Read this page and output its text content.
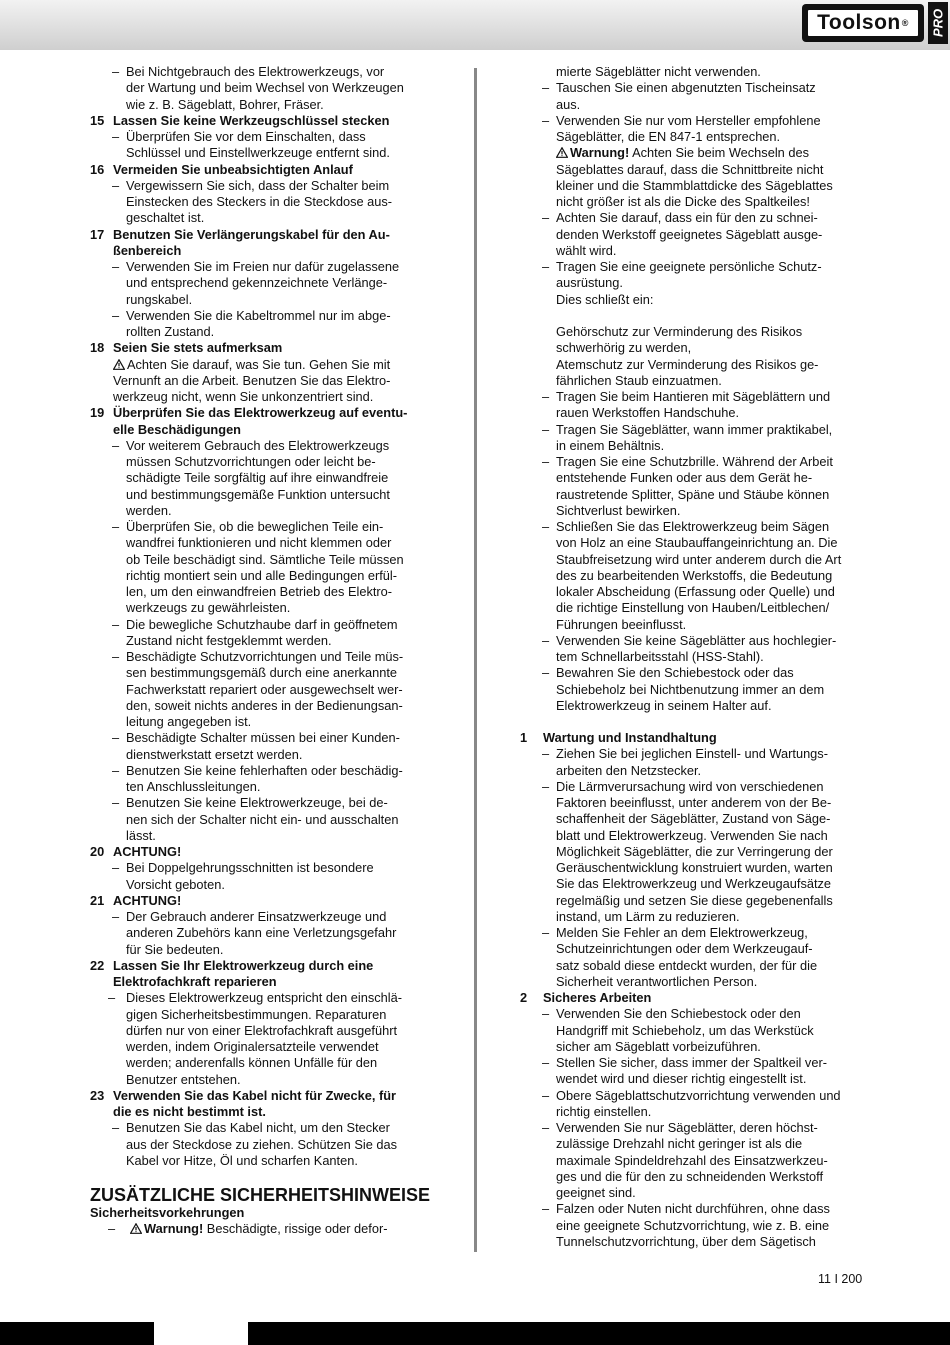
Toolson ® PRO
– Bei Nichtgebrauch des Elektrowerkzeugs, vor
der Wartung und beim Wechsel von Werkzeugen
wie z. B. Sägeblatt, Bohrer, Fräser.
15 Lassen Sie keine Werkzeugschlüssel stecken
– Überprüfen Sie vor dem Einschalten, dass
Schlüssel und Einstellwerkzeuge entfernt sind.
16 Vermeiden Sie unbeabsichtigten Anlauf
– Vergewissern Sie sich, dass der Schalter beim
Einstecken des Steckers in die Steckdose aus-
geschaltet ist.
17 Benutzen Sie Verlängerungskabel für den Au-
ßenbereich
– Verwenden Sie im Freien nur dafür zugelassene
und entsprechend gekennzeichnete Verlänge-
rungskabel.
– Verwenden Sie die Kabeltrommel nur im abge-
rollten Zustand.
18 Seien Sie stets aufmerksam
Achten Sie darauf, was Sie tun. Gehen Sie mit
Vernunft an die Arbeit. Benutzen Sie das Elektro-
werkzeug nicht, wenn Sie unkonzentriert sind.
19 Überprüfen Sie das Elektrowerkzeug auf eventu-
elle Beschädigungen
– Vor weiterem Gebrauch des Elektrowerkzeugs
müssen Schutzvorrichtungen oder leicht be-
schädigte Teile sorgfältig auf ihre einwandfreie
und bestimmungsgemäße Funktion untersucht
werden.
– Überprüfen Sie, ob die beweglichen Teile ein-
wandfrei funktionieren und nicht klemmen oder
ob Teile beschädigt sind. Sämtliche Teile müssen
richtig montiert sein und alle Bedingungen erfül-
len, um den einwandfreien Betrieb des Elektro-
werkzeugs zu gewährleisten.
– Die bewegliche Schutzhaube darf in geöffnetem
Zustand nicht festgeklemmt werden.
– Beschädigte Schutzvorrichtungen und Teile müs-
sen bestimmungsgemäß durch eine anerkannte
Fachwerkstatt repariert oder ausgewechselt wer-
den, soweit nichts anderes in der Bedienungsan-
leitung angegeben ist.
– Beschädigte Schalter müssen bei einer Kunden-
dienstwerkstatt ersetzt werden.
– Benutzen Sie keine fehlerhaften oder beschädig-
ten Anschlussleitungen.
– Benutzen Sie keine Elektrowerkzeuge, bei de-
nen sich der Schalter nicht ein- und ausschalten
lässt.
20 ACHTUNG!
– Bei Doppelgehrungsschnitten ist besondere
Vorsicht geboten.
21 ACHTUNG!
– Der Gebrauch anderer Einsatzwerkzeuge und
anderen Zubehörs kann eine Verletzungsgefahr
für Sie bedeuten.
22 Lassen Sie Ihr Elektrowerkzeug durch eine
Elektrofachkraft reparieren
– Dieses Elektrowerkzeug entspricht den einschlä-
gigen Sicherheitsbestimmungen. Reparaturen
dürfen nur von einer Elektrofachkraft ausgeführt
werden, indem Originalersatzteile verwendet
werden; anderenfalls können Unfälle für den
Benutzer entstehen.
23 Verwenden Sie das Kabel nicht für Zwecke, für
die es nicht bestimmt ist.
– Benutzen Sie das Kabel nicht, um den Stecker
aus der Steckdose zu ziehen. Schützen Sie das
Kabel vor Hitze, Öl und scharfen Kanten.
ZUSÄTZLICHE SICHERHEITSHINWEISE
Sicherheitsvorkehrungen
– Warnung! Beschädigte, rissige oder defor-
mierte Sägeblätter nicht verwenden.
– Tauschen Sie einen abgenutzten Tischeinsatz
aus.
– Verwenden Sie nur vom Hersteller empfohlene
Sägeblätter, die EN 847-1 entsprechen.
Warnung! Achten Sie beim Wechseln des
Sägeblattes darauf, dass die Schnittbreite nicht
kleiner und die Stammblattdicke des Sägeblattes
nicht größer ist als die Dicke des Spaltkeiles!
– Achten Sie darauf, dass ein für den zu schnei-
denden Werkstoff geeignetes Sägeblatt ausge-
wählt wird.
– Tragen Sie eine geeignete persönliche Schutz-
ausrüstung.
Dies schließt ein:
Gehörschutz zur Verminderung des Risikos
schwerhörig zu werden,
Atemschutz zur Verminderung des Risikos ge-
fährlichen Staub einzuatmen.
– Tragen Sie beim Hantieren mit Sägeblättern und
rauen Werkstoffen Handschuhe.
– Tragen Sie Sägeblätter, wann immer praktikabel,
in einem Behältnis.
– Tragen Sie eine Schutzbrille. Während der Arbeit
entstehende Funken oder aus dem Gerät he-
raustretende Splitter, Späne und Stäube können
Sichtverlust bewirken.
– Schließen Sie das Elektrowerkzeug beim Sägen
von Holz an eine Staubauffangeinrichtung an. Die
Staubfreisetzung wird unter anderem durch die Art
des zu bearbeitenden Werkstoffs, die Bedeutung
lokaler Abscheidung (Erfassung oder Quelle) und
die richtige Einstellung von Hauben/Leitblechen/
Führungen beeinflusst.
– Verwenden Sie keine Sägeblätter aus hochlegier-
tem Schnellarbeitsstahl (HSS-Stahl).
– Bewahren Sie den Schiebestock oder das
Schiebeholz bei Nichtbenutzung immer an dem
Elektrowerkzeug in seinem Halter auf.
1 Wartung und Instandhaltung
– Ziehen Sie bei jeglichen Einstell- und Wartungs-
arbeiten den Netzstecker.
– Die Lärmverursachung wird von verschiedenen
Faktoren beeinflusst, unter anderem von der Be-
schaffenheit der Sägeblätter, Zustand von Säge-
blatt und Elektrowerkzeug. Verwenden Sie nach
Möglichkeit Sägeblätter, die zur Verringerung der
Geräuschentwicklung konstruiert wurden, warten
Sie das Elektrowerkzeug und Werkzeugaufsätze
regelmäßig und setzen Sie diese gegebenenfalls
instand, um Lärm zu reduzieren.
– Melden Sie Fehler an dem Elektrowerkzeug,
Schutzeinrichtungen oder dem Werkzeugauf-
satz sobald diese entdeckt wurden, der für die
Sicherheit verantwortlichen Person.
2 Sicheres Arbeiten
– Verwenden Sie den Schiebestock oder den
Handgriff mit Schiebeholz, um das Werkstück
sicher am Sägeblatt vorbeizuführen.
– Stellen Sie sicher, dass immer der Spaltkeil ver-
wendet wird und dieser richtig eingestellt ist.
– Obere Sägeblattschutzvorrichtung verwenden und
richtig einstellen.
– Verwenden Sie nur Sägeblätter, deren höchst-
zulässige Drehzahl nicht geringer ist als die
maximale Spindeldrehzahl des Einsatzwerkzeu-
ges und die für den zu schneidenden Werkstoff
geeignet sind.
– Falzen oder Nuten nicht durchführen, ohne dass
eine geeignete Schutzvorrichtung, wie z. B. eine
Tunnelschutzvorrichtung, über dem Sägetisch
11 I 200
